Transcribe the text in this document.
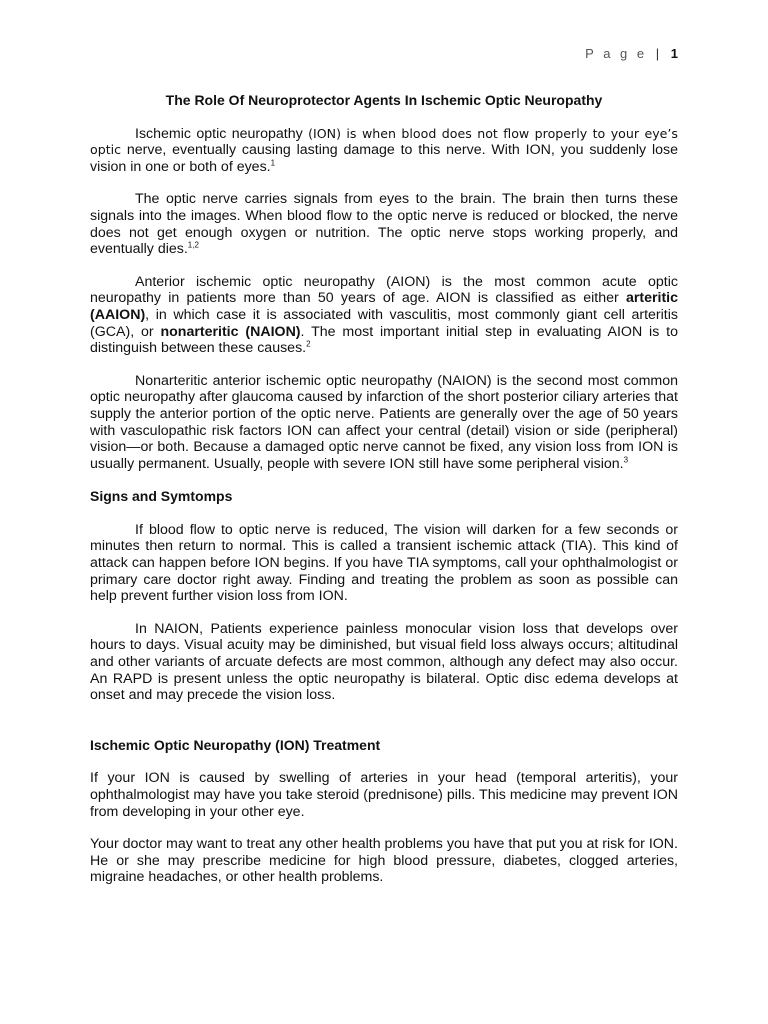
P a g e | 1
The Role Of Neuroprotector Agents In Ischemic Optic Neuropathy

Ischemic optic neuropathy (ION) is when blood does not flow properly to your eye’s optic nerve, eventually causing lasting damage to this nerve. With ION, you suddenly lose vision in one or both of eyes.$^1$

The optic nerve carries signals from eyes to the brain. The brain then turns these signals into the images. When blood flow to the optic nerve is reduced or blocked, the nerve does not get enough oxygen or nutrition. The optic nerve stops working properly, and eventually dies.$^{1,2}$

Anterior ischemic optic neuropathy (AION) is the most common acute optic neuropathy in patients more than 50 years of age. AION is classified as either arteritic (AAION), in which case it is associated with vasculitis, most commonly giant cell arteritis (GCA), or nonarteritic (NAION). The most important initial step in evaluating AION is to distinguish between these causes.$^2$

Nonarteritic anterior ischemic optic neuropathy (NAION) is the second most common optic neuropathy after glaucoma caused by infarction of the short posterior ciliary arteries that supply the anterior portion of the optic nerve. Patients are generally over the age of 50 years with vasculopathic risk factors ION can affect your central (detail) vision or side (peripheral) vision—or both. Because a damaged optic nerve cannot be fixed, any vision loss from ION is usually permanent. Usually, people with severe ION still have some peripheral vision.$^3$

Signs and Symtomps

If blood flow to optic nerve is reduced, The vision will darken for a few seconds or minutes then return to normal. This is called a transient ischemic attack (TIA). This kind of attack can happen before ION begins. If you have TIA symptoms, call your ophthalmologist or primary care doctor right away. Finding and treating the problem as soon as possible can help prevent further vision loss from ION.

In NAION, Patients experience painless monocular vision loss that develops over hours to days. Visual acuity may be diminished, but visual field loss always occurs; altitudinal and other variants of arcuate defects are most common, although any defect may also occur. An RAPD is present unless the optic neuropathy is bilateral. Optic disc edema develops at onset and may precede the vision loss.

Ischemic Optic Neuropathy (ION) Treatment

If your ION is caused by swelling of arteries in your head (temporal arteritis), your ophthalmologist may have you take steroid (prednisone) pills. This medicine may prevent ION from developing in your other eye.

Your doctor may want to treat any other health problems you have that put you at risk for ION. He or she may prescribe medicine for high blood pressure, diabetes, clogged arteries, migraine headaches, or other health problems.
